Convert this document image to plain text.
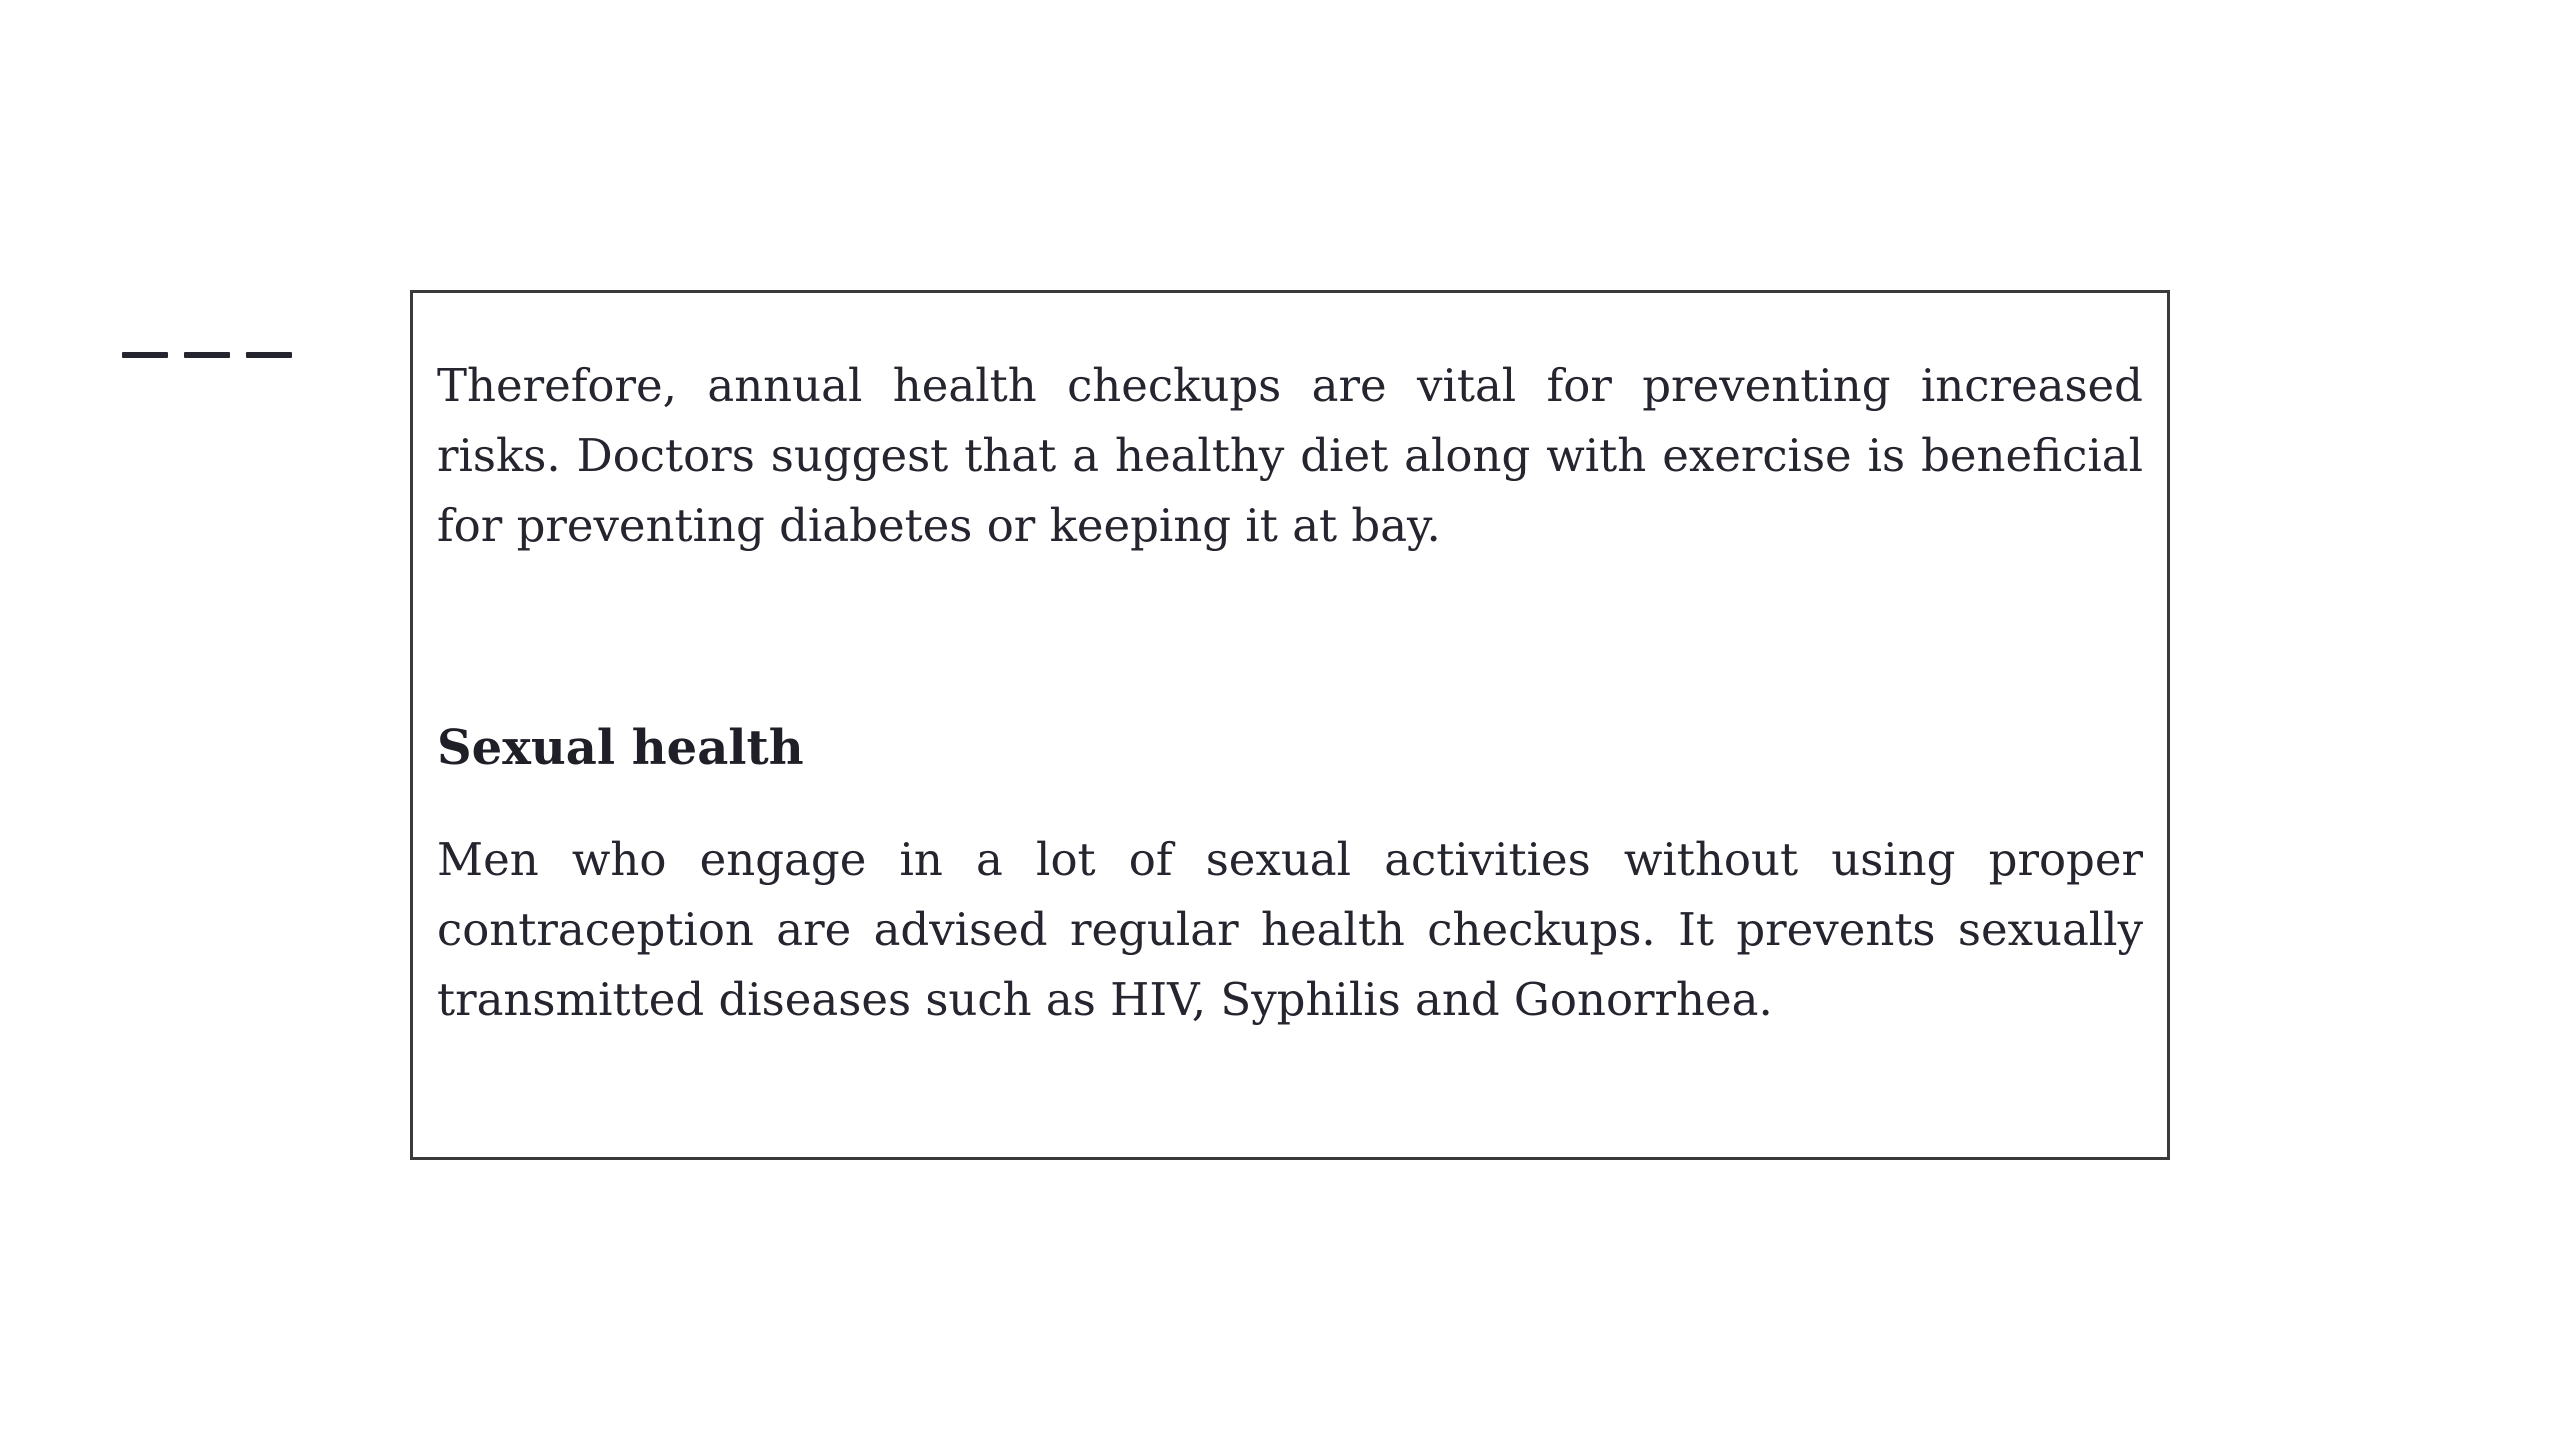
Therefore, annual health checkups are vital for preventing increased risks. Doctors suggest that a healthy diet along with exercise is beneficial for preventing diabetes or keeping it at bay.

Sexual health

Men who engage in a lot of sexual activities without using proper contraception are advised regular health checkups. It prevents sexually transmitted diseases such as HIV, Syphilis and Gonorrhea.
